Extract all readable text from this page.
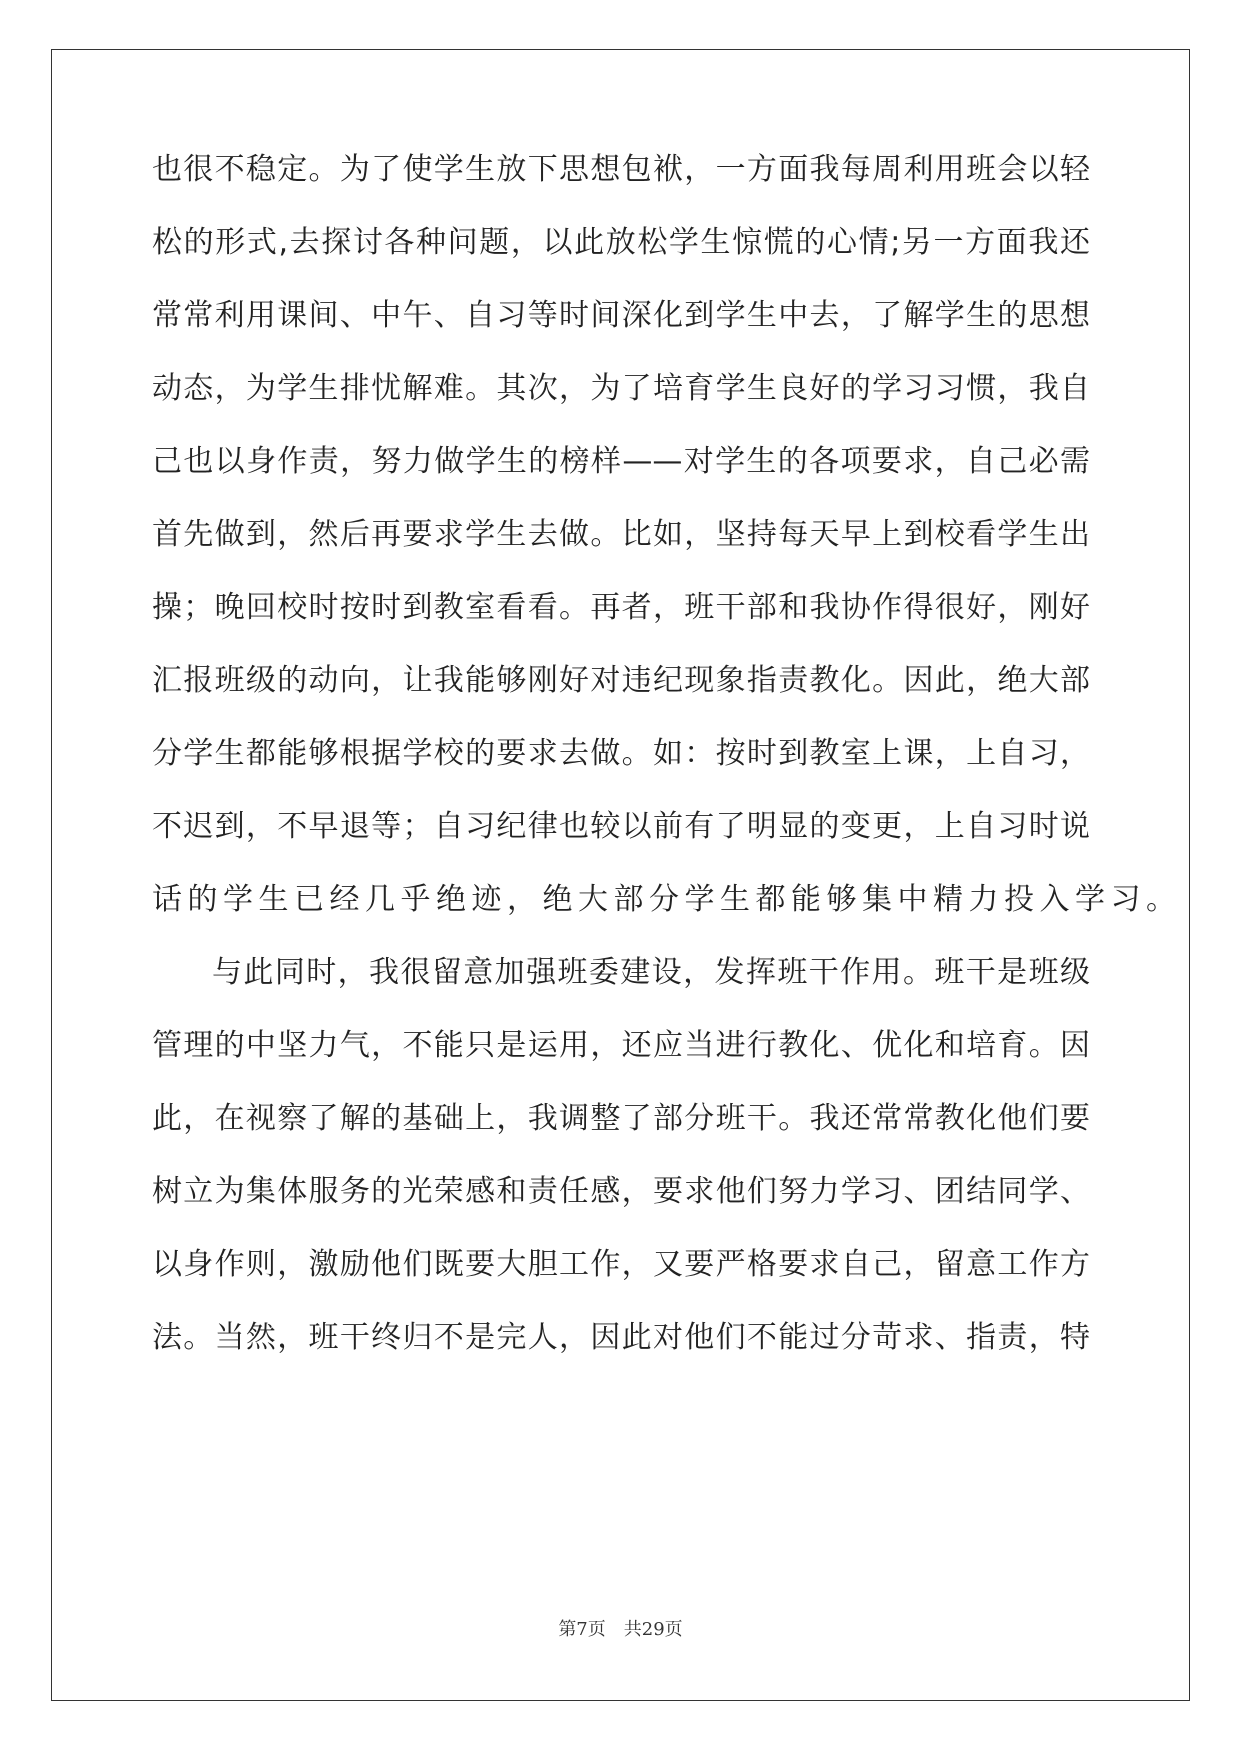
也很不稳定。为了使学生放下思想包袱，一方面我每周利用班会以轻
松的形式,去探讨各种问题，以此放松学生惊慌的心情;另一方面我还
常常利用课间、中午、自习等时间深化到学生中去，了解学生的思想
动态，为学生排忧解难。其次，为了培育学生良好的学习习惯，我自
己也以身作责，努力做学生的榜样——对学生的各项要求，自己必需
首先做到，然后再要求学生去做。比如，坚持每天早上到校看学生出
操；晚回校时按时到教室看看。再者，班干部和我协作得很好，刚好
汇报班级的动向，让我能够刚好对违纪现象指责教化。因此，绝大部
分学生都能够根据学校的要求去做。如：按时到教室上课，上自习，
不迟到，不早退等；自习纪律也较以前有了明显的变更，上自习时说
话的学生已经几乎绝迹，绝大部分学生都能够集中精力投入学习。
与此同时，我很留意加强班委建设，发挥班干作用。班干是班级
管理的中坚力气，不能只是运用，还应当进行教化、优化和培育。因
此，在视察了解的基础上，我调整了部分班干。我还常常教化他们要
树立为集体服务的光荣感和责任感，要求他们努力学习、团结同学、
以身作则，激励他们既要大胆工作，又要严格要求自己，留意工作方
法。当然，班干终归不是完人，因此对他们不能过分苛求、指责，特
第7页　共29页
